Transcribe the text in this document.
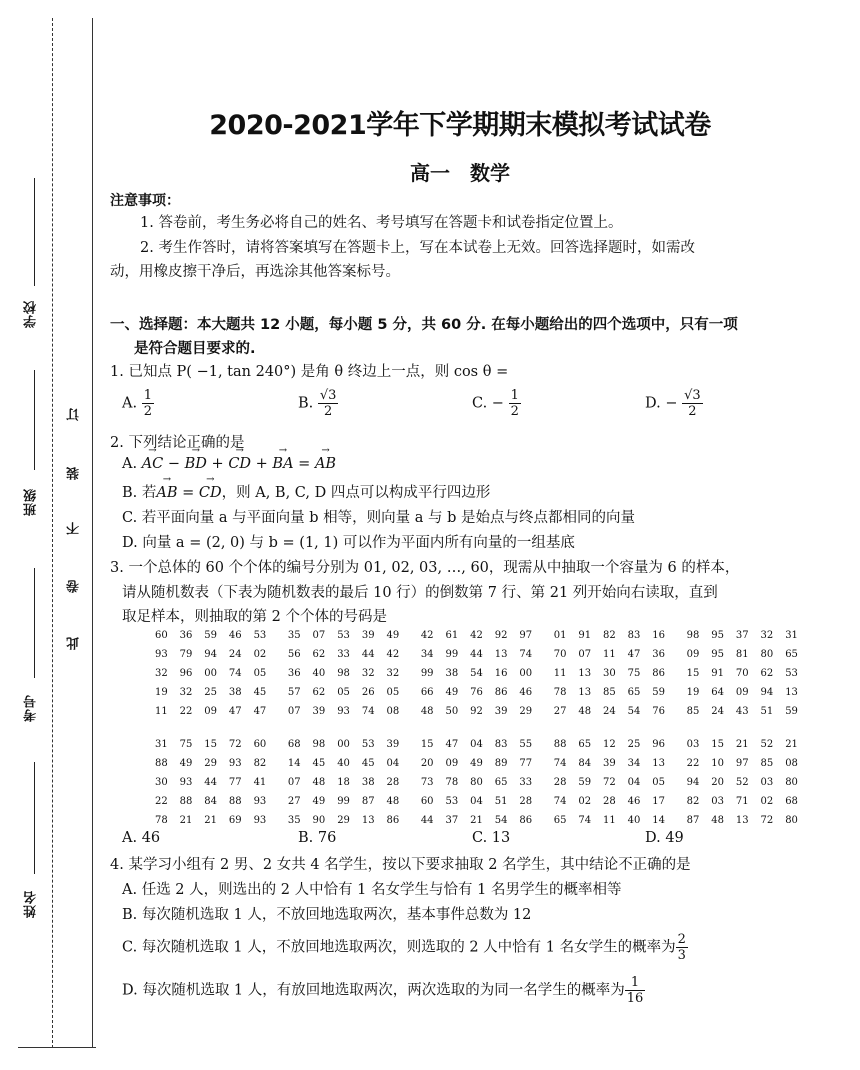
学校
班级
考号
姓名
订
装
不
卷
此
2020-2021学年下学期期末模拟考试试卷
高一　数学
注意事项：
1. 答卷前，考生务必将自己的姓名、考号填写在答题卡和试卷指定位置上。
2. 考生作答时，请将答案填写在答题卡上，写在本试卷上无效。回答选择题时，如需改
动，用橡皮擦干净后，再选涂其他答案标号。
一、选择题：本大题共 12 小题，每小题 5 分，共 60 分. 在每小题给出的四个选项中，只有一项
是符合题目要求的.
1. 已知点 P( −1, tan 240°) 是角 θ 终边上一点，则 cos θ =
A. $\frac{1}{2}$	B. $\frac{√3}{2}$	C. − $\frac{1}{2}$	D. − $\frac{√3}{2}$
2. 下列结论正确的是
A. → AC − → BD + → CD + → BA = → AB
B. 若→ AB = → CD，则 A, B, C, D 四点可以构成平行四边形
C. 若平面向量 a 与平面向量 b 相等，则向量 a 与 b 是始点与终点都相同的向量
D. 向量 a = (2, 0) 与 b = (1, 1) 可以作为平面内所有向量的一组基底
3. 一个总体的 60 个个体的编号分别为 01, 02, 03, …, 60，现需从中抽取一个容量为 6 的样本，
请从随机数表（下表为随机数表的最后 10 行）的倒数第 7 行、第 21 列开始向右读取，直到
取足样本，则抽取的第 2 个个体的号码是
60	36	59	46	53		35	07	53	39	49		42	61	42	92	97		01	91	82	83	16		98	95	37	32	31
93	79	94	24	02		56	62	33	44	42		34	99	44	13	74		70	07	11	47	36		09	95	81	80	65
32	96	00	74	05		36	40	98	32	32		99	38	54	16	00		11	13	30	75	86		15	91	70	62	53
19	32	25	38	45		57	62	05	26	05		66	49	76	86	46		78	13	85	65	59		19	64	09	94	13
11	22	09	47	47		07	39	93	74	08		48	50	92	39	29		27	48	24	54	76		85	24	43	51	59
31	75	15	72	60		68	98	00	53	39		15	47	04	83	55		88	65	12	25	96		03	15	21	52	21
88	49	29	93	82		14	45	40	45	04		20	09	49	89	77		74	84	39	34	13		22	10	97	85	08
30	93	44	77	41		07	48	18	38	28		73	78	80	65	33		28	59	72	04	05		94	20	52	03	80
22	88	84	88	93		27	49	99	87	48		60	53	04	51	28		74	02	28	46	17		82	03	71	02	68
78	21	21	69	93		35	90	29	13	86		44	37	21	54	86		65	74	11	40	14		87	48	13	72	80
A. 46	B. 76	C. 13	D. 49
4. 某学习小组有 2 男、2 女共 4 名学生，按以下要求抽取 2 名学生，其中结论不正确的是
A. 任选 2 人，则选出的 2 人中恰有 1 名女学生与恰有 1 名男学生的概率相等
B. 每次随机选取 1 人，不放回地选取两次，基本事件总数为 12
C. 每次随机选取 1 人，不放回地选取两次，则选取的 2 人中恰有 1 名女学生的概率为 $\frac{2}{3}$
D. 每次随机选取 1 人，有放回地选取两次，两次选取的为同一名学生的概率为 $\frac{1}{16}$
